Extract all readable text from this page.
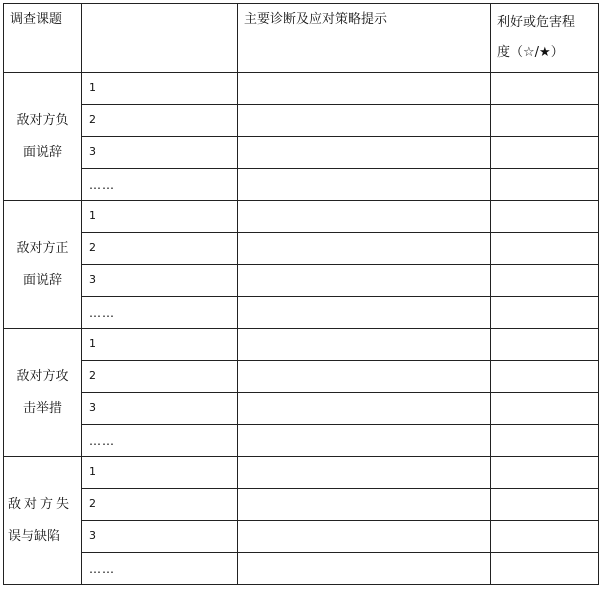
调查课题		主要诊断及应对策略提示	利好或危害程
度（☆/★）

敌对方负
面说辞	1		
	2		
	3		
	……		

敌对方正
面说辞	1		
	2		
	3		
	……		

敌对方攻
击举措	1		
	2		
	3		
	……		

敌对方失
误与缺陷	1		
	2		
	3		
	……		
